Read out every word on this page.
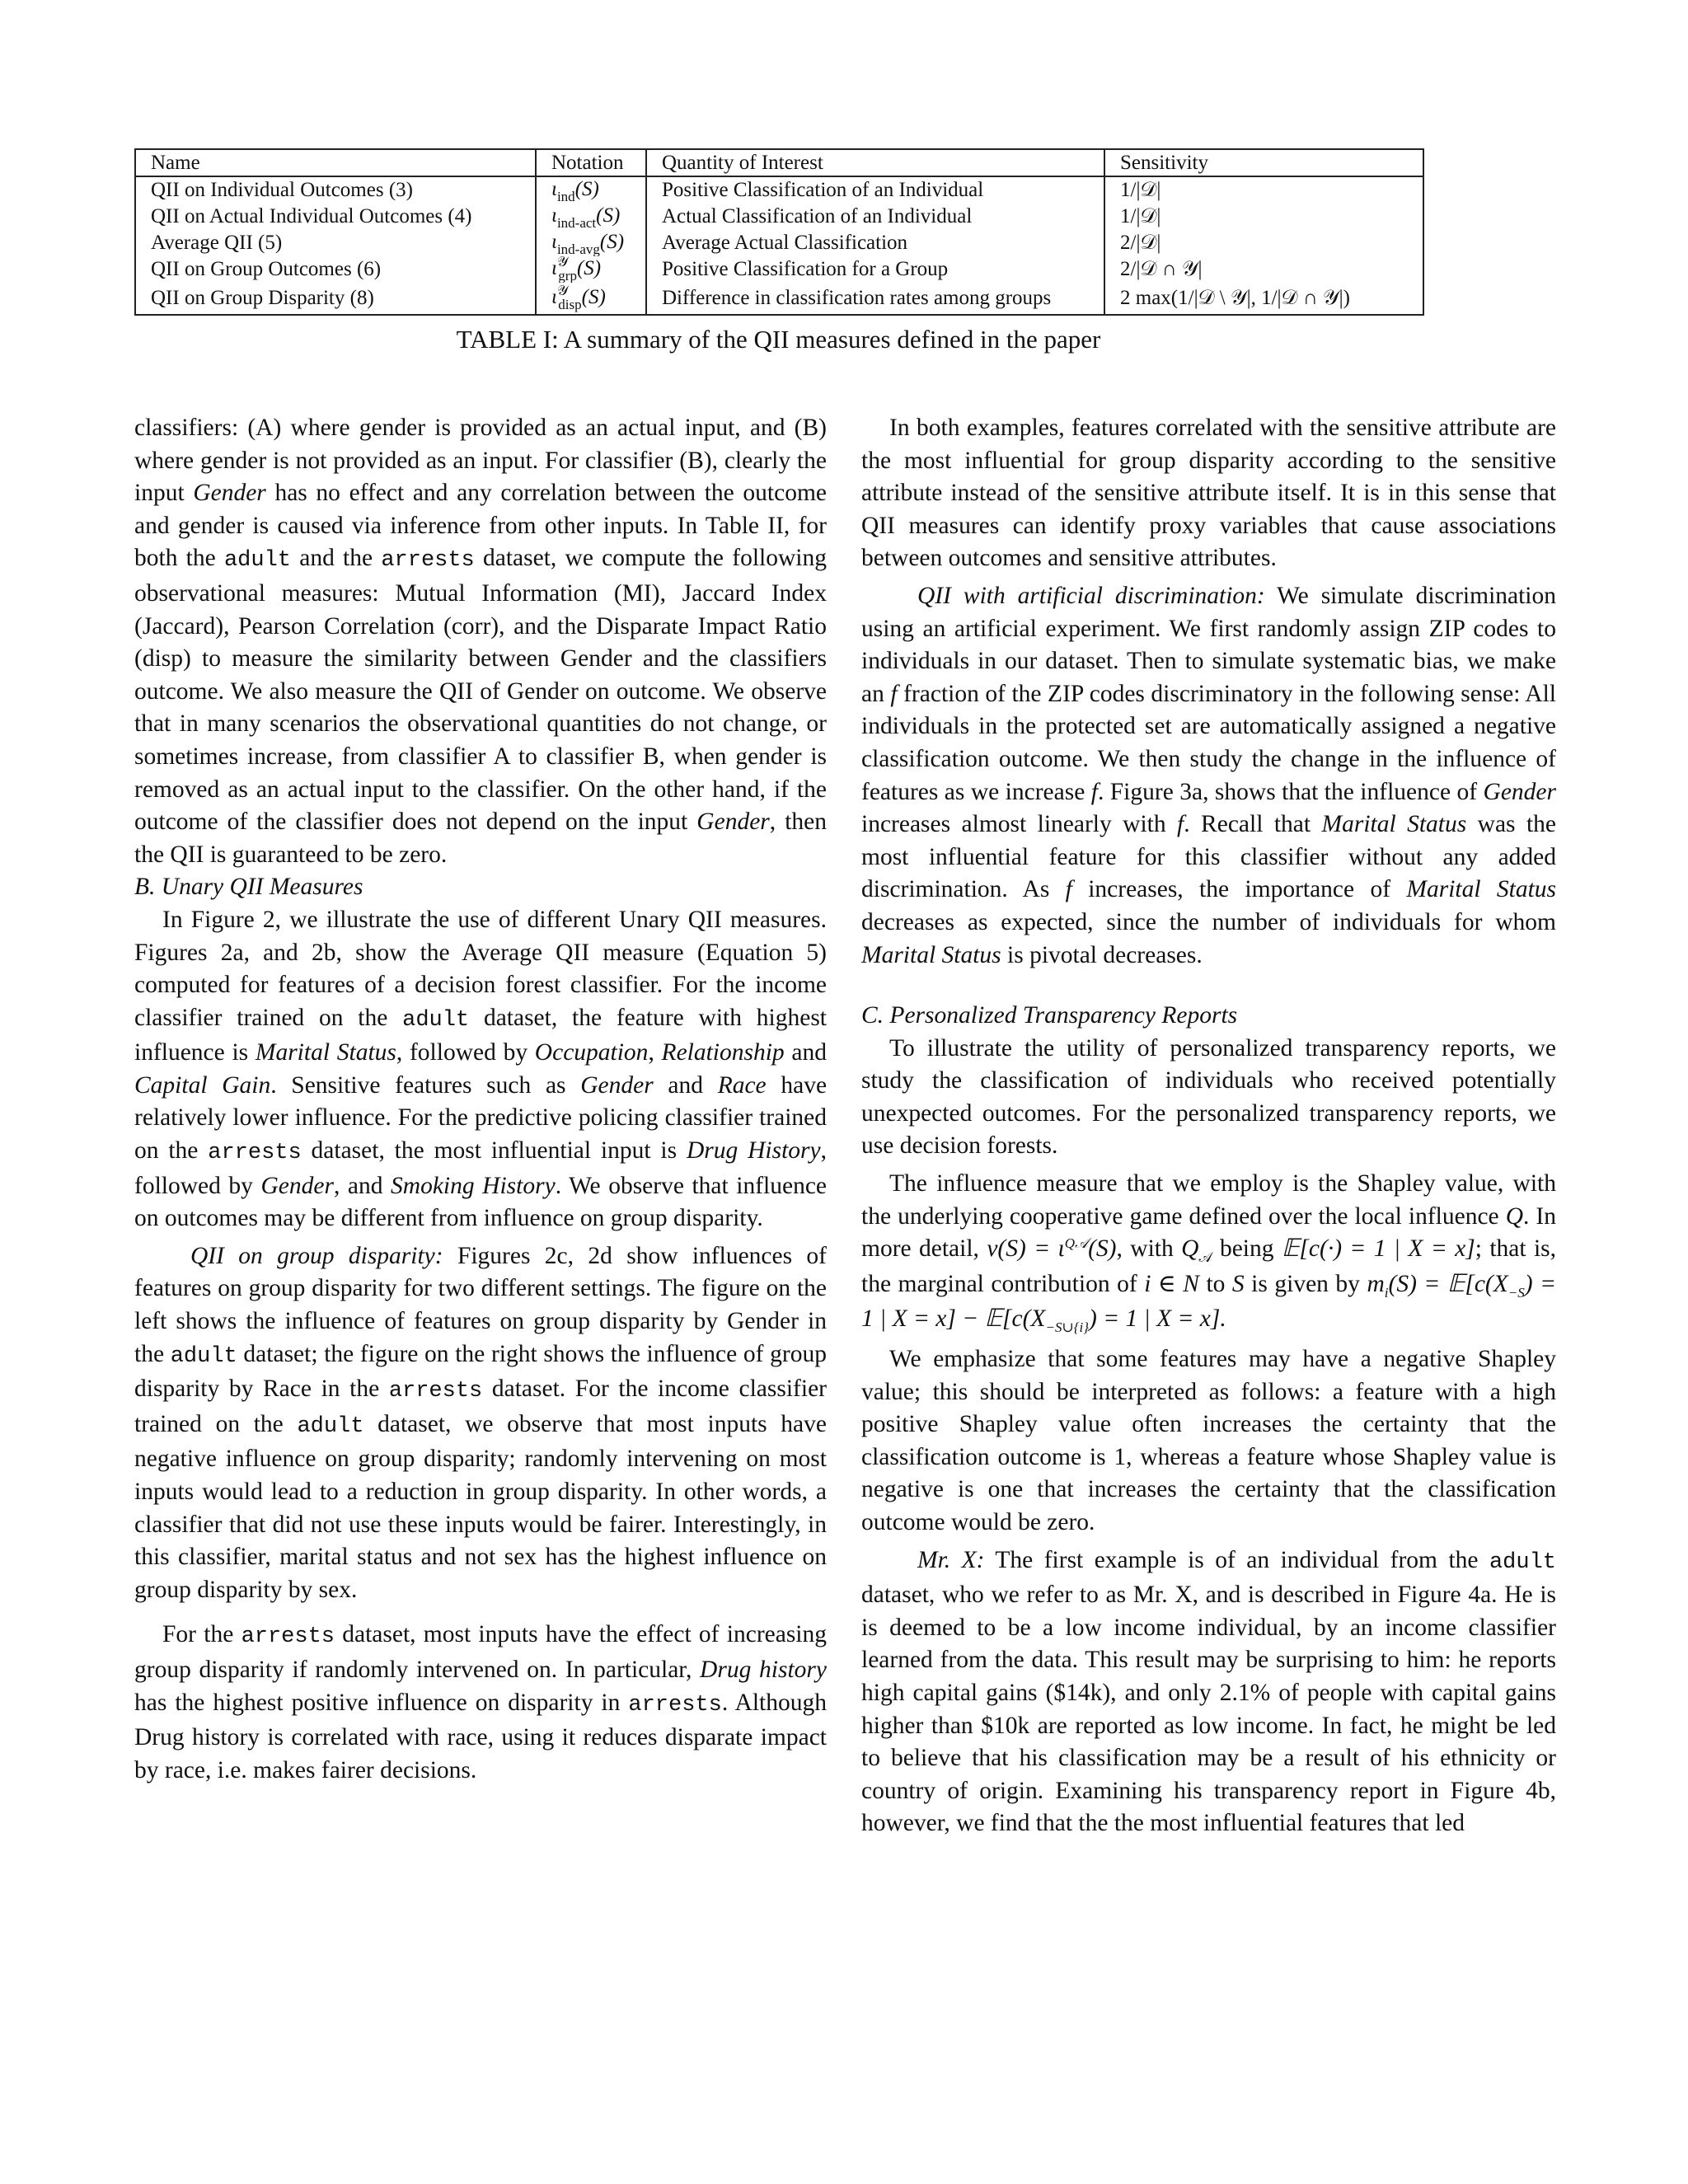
Name	Notation	Quantity of Interest	Sensitivity
QII on Individual Outcomes (3)	$\iota_{ind}(S)$	Positive Classification of an Individual	1/|𝒟|
QII on Actual Individual Outcomes (4)	$\iota_{ind-act}(S)$	Actual Classification of an Individual	1/|𝒟|
Average QII (5)	$\iota_{ind-avg}(S)$	Average Actual Classification	2/|𝒟|
QII on Group Outcomes (6)	$\iota^𝒴_{grp}(S)$	Positive Classification for a Group	2/|𝒟 ∩ 𝒴|
QII on Group Disparity (8)	$\iota^𝒴_{disp}(S)$	Difference in classification rates among groups	2 max(1/|𝒟 \ 𝒴|, 1/|𝒟 ∩ 𝒴|)
TABLE I: A summary of the QII measures defined in the paper

classifiers: (A) where gender is provided as an actual input, and (B) where gender is not provided as an input. For classifier (B), clearly the input Gender has no effect and any correlation between the outcome and gender is caused via inference from other inputs. In Table II, for both the adult and the arrests dataset, we compute the following observational measures: Mutual Information (MI), Jaccard Index (Jaccard), Pearson Correlation (corr), and the Disparate Impact Ratio (disp) to measure the similarity between Gender and the classifiers outcome. We also measure the QII of Gender on outcome. We observe that in many scenarios the observational quantities do not change, or sometimes increase, from classifier A to classifier B, when gender is removed as an actual input to the classifier. On the other hand, if the outcome of the classifier does not depend on the input Gender, then the QII is guaranteed to be zero.

B. Unary QII Measures

In Figure 2, we illustrate the use of different Unary QII measures. Figures 2a, and 2b, show the Average QII measure (Equation 5) computed for features of a decision forest classifier. For the income classifier trained on the adult dataset, the feature with highest influence is Marital Status, followed by Occupation, Relationship and Capital Gain. Sensitive features such as Gender and Race have relatively lower influence. For the predictive policing classifier trained on the arrests dataset, the most influential input is Drug History, followed by Gender, and Smoking History. We observe that influence on outcomes may be different from influence on group disparity.

QII on group disparity: Figures 2c, 2d show influences of features on group disparity for two different settings. The figure on the left shows the influence of features on group disparity by Gender in the adult dataset; the figure on the right shows the influence of group disparity by Race in the arrests dataset. For the income classifier trained on the adult dataset, we observe that most inputs have negative influence on group disparity; randomly intervening on most inputs would lead to a reduction in group disparity. In other words, a classifier that did not use these inputs would be fairer. Interestingly, in this classifier, marital status and not sex has the highest influence on group disparity by sex.

For the arrests dataset, most inputs have the effect of increasing group disparity if randomly intervened on. In particular, Drug history has the highest positive influence on disparity in arrests. Although Drug history is correlated with race, using it reduces disparate impact by race, i.e. makes fairer decisions.

In both examples, features correlated with the sensitive attribute are the most influential for group disparity according to the sensitive attribute instead of the sensitive attribute itself. It is in this sense that QII measures can identify proxy variables that cause associations between outcomes and sensitive attributes.

QII with artificial discrimination: We simulate discrimination using an artificial experiment. We first randomly assign ZIP codes to individuals in our dataset. Then to simulate systematic bias, we make an f fraction of the ZIP codes discriminatory in the following sense: All individuals in the protected set are automatically assigned a negative classification outcome. We then study the change in the influence of features as we increase f. Figure 3a, shows that the influence of Gender increases almost linearly with f. Recall that Marital Status was the most influential feature for this classifier without any added discrimination. As f increases, the importance of Marital Status decreases as expected, since the number of individuals for whom Marital Status is pivotal decreases.

C. Personalized Transparency Reports

To illustrate the utility of personalized transparency reports, we study the classification of individuals who received potentially unexpected outcomes. For the personalized transparency reports, we use decision forests.

The influence measure that we employ is the Shapley value, with the underlying cooperative game defined over the local influence Q. In more detail, $v(S) = \iota^{Q𝒜}(S)$, with $Q_𝒜$ being 𝔼[c(·) = 1 | X = x]; that is, the marginal contribution of i ∈ N to S is given by $m_i(S)$ = $𝔼[c(X_{-S}) = 1$ | $X = x] - 𝔼[c(X_{-S\cup\{i\}}) = 1$ | X = x].

We emphasize that some features may have a negative Shapley value; this should be interpreted as follows: a feature with a high positive Shapley value often increases the certainty that the classification outcome is 1, whereas a feature whose Shapley value is negative is one that increases the certainty that the classification outcome would be zero.

Mr. X: The first example is of an individual from the adult dataset, who we refer to as Mr. X, and is described in Figure 4a. He is is deemed to be a low income individual, by an income classifier learned from the data. This result may be surprising to him: he reports high capital gains ($14k), and only 2.1% of people with capital gains higher than $10k are reported as low income. In fact, he might be led to believe that his classification may be a result of his ethnicity or country of origin. Examining his transparency report in Figure 4b, however, we find that the the most influential features that led
